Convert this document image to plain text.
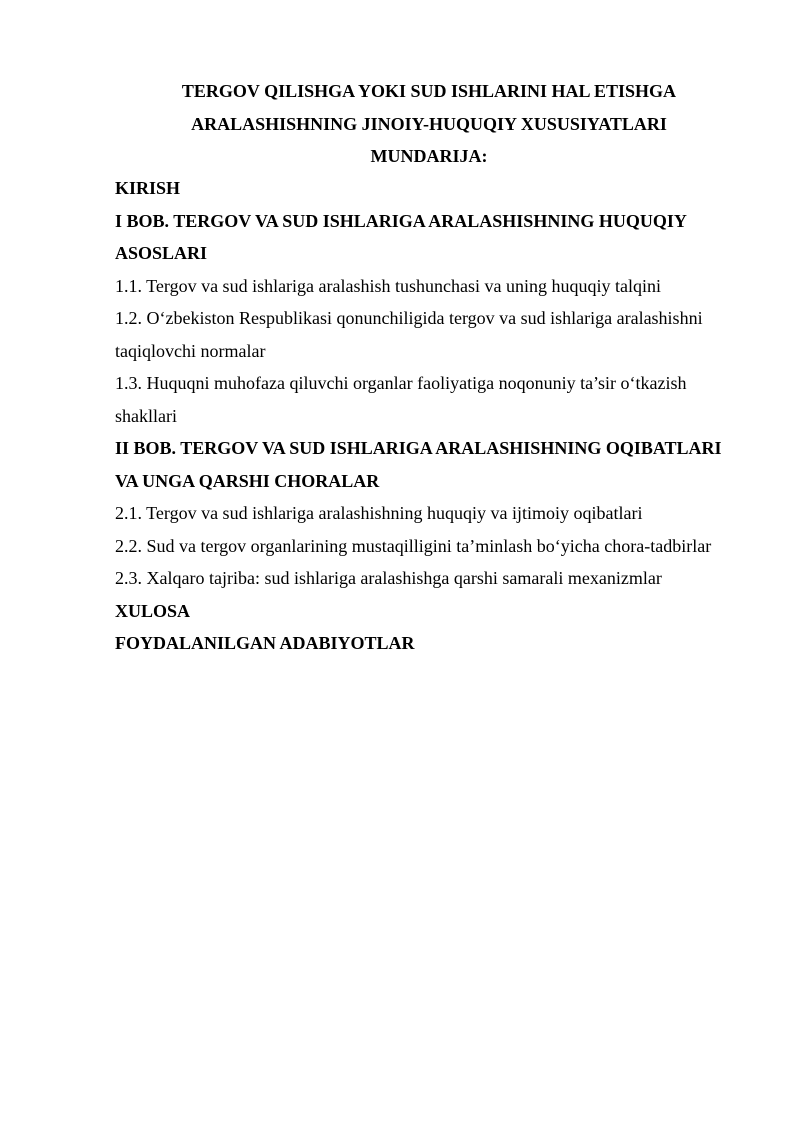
TERGOV QILISHGA YOKI SUD ISHLARINI HAL ETISHGA
ARALASHISHNING JINOIY-HUQUQIY XUSUSIYATLARI
MUNDARIJA:

KIRISH

I BOB. TERGOV VA SUD ISHLARIGA ARALASHISHNING HUQUQIY ASOSLARI

1.1. Tergov va sud ishlariga aralashish tushunchasi va uning huquqiy talqini

1.2. O‘zbekiston Respublikasi qonunchiligida tergov va sud ishlariga aralashishni taqiqlovchi normalar

1.3. Huquqni muhofaza qiluvchi organlar faoliyatiga noqonuniy ta’sir o‘tkazish shakllari

II BOB. TERGOV VA SUD ISHLARIGA ARALASHISHNING OQIBATLARI VA UNGA QARSHI CHORALAR

2.1. Tergov va sud ishlariga aralashishning huquqiy va ijtimoiy oqibatlari

2.2. Sud va tergov organlarining mustaqilligini ta’minlash bo‘yicha chora-tadbirlar

2.3. Xalqaro tajriba: sud ishlariga aralashishga qarshi samarali mexanizmlar

XULOSA

FOYDALANILGAN ADABIYOTLAR
